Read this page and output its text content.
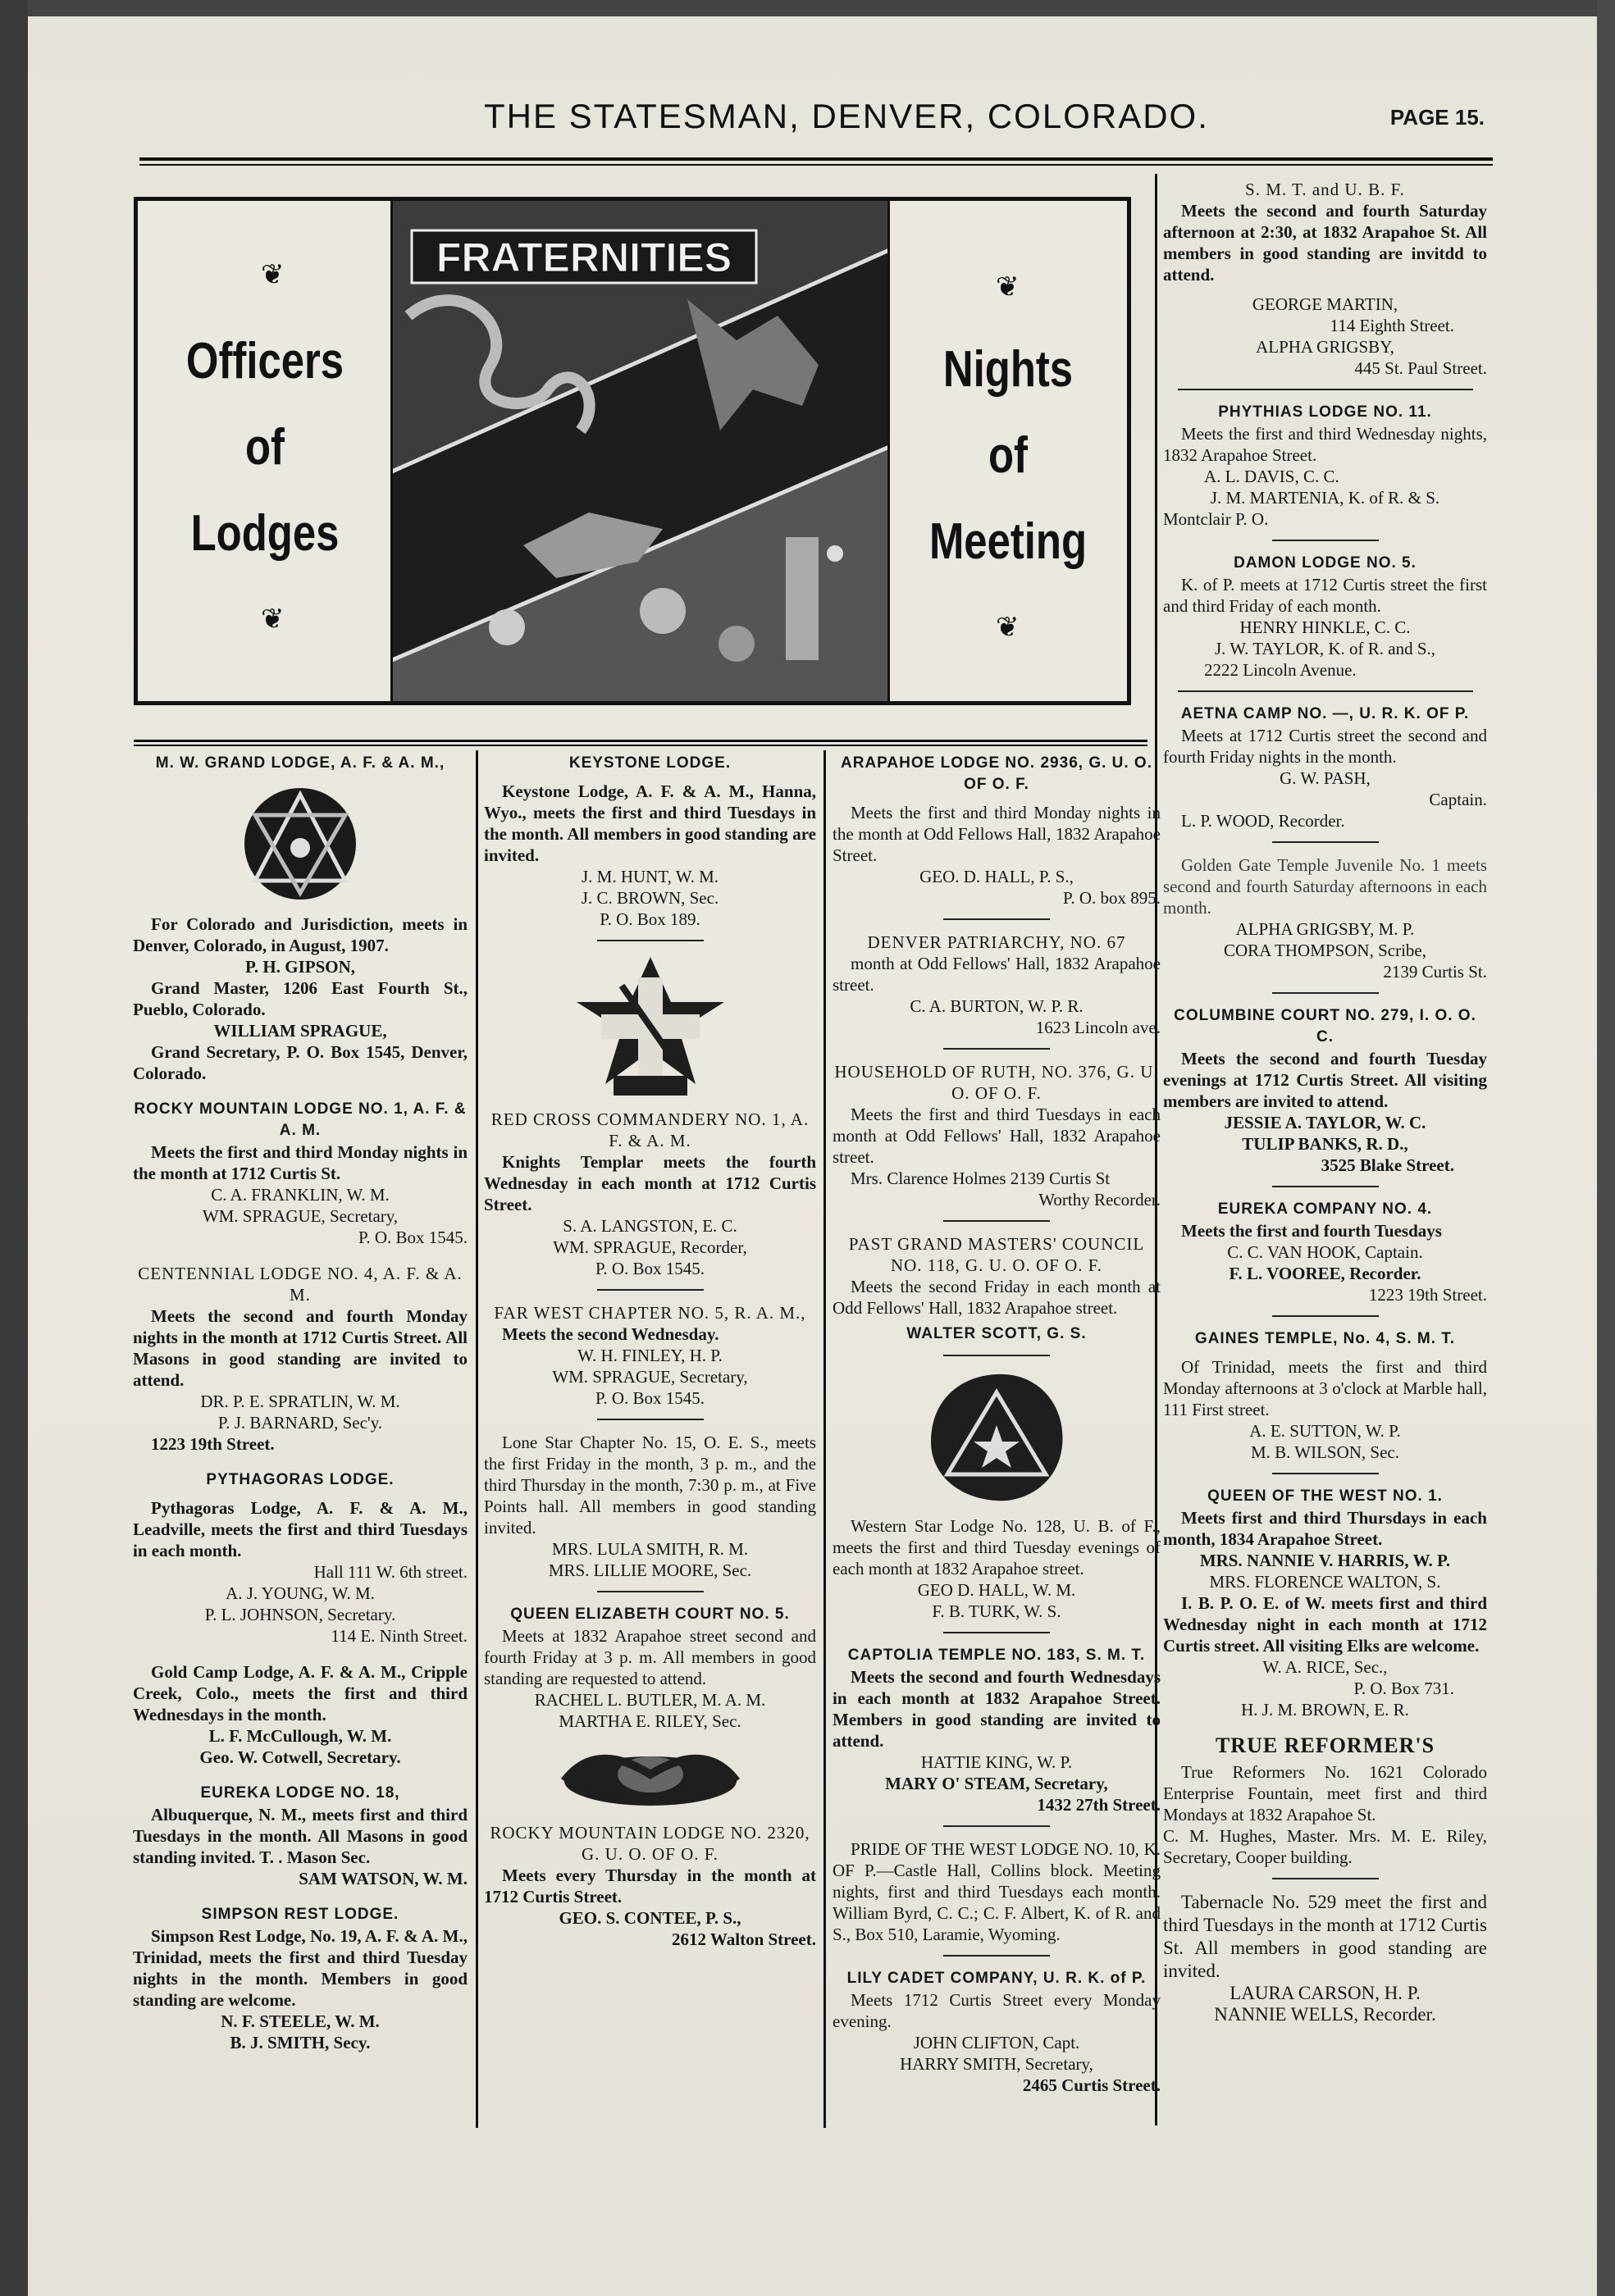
THE STATESMAN, DENVER, COLORADO.	PAGE 15.
❦
Officers
of
Lodges
❦
FRATERNITIES
❦
Nights
of
Meeting
❦

M. W. GRAND LODGE, A. F. & A. M.,

For Colorado and Jurisdiction, meets in Denver, Colorado, in August, 1907.

P. H. GIPSON,

Grand Master, 1206 East Fourth St., Pueblo, Colorado.

WILLIAM SPRAGUE,

Grand Secretary, P. O. Box 1545, Denver, Colorado.

ROCKY MOUNTAIN LODGE NO. 1, A. F. & A. M.

Meets the first and third Monday nights in the month at 1712 Curtis St.

C. A. FRANKLIN, W. M.

WM. SPRAGUE, Secretary,

P. O. Box 1545.

CENTENNIAL LODGE NO. 4, A. F. & A. M.

Meets the second and fourth Monday nights in the month at 1712 Curtis Street. All Masons in good standing are invited to attend.

DR. P. E. SPRATLIN, W. M.

P. J. BARNARD, Sec'y.

1223 19th Street.

PYTHAGORAS LODGE.

Pythagoras Lodge, A. F. & A. M., Leadville, meets the first and third Tuesdays in each month.

Hall 111 W. 6th street.

A. J. YOUNG, W. M.

P. L. JOHNSON, Secretary.

114 E. Ninth Street.

Gold Camp Lodge, A. F. & A. M., Cripple Creek, Colo., meets the first and third Wednesdays in the month.

L. F. McCullough, W. M.

Geo. W. Cotwell, Secretary.

EUREKA LODGE NO. 18,

Albuquerque, N. M., meets first and third Tuesdays in the month. All Masons in good standing invited. T. . Mason Sec.

SAM WATSON, W. M.

SIMPSON REST LODGE.

Simpson Rest Lodge, No. 19, A. F. & A. M., Trinidad, meets the first and third Tuesday nights in the month. Members in good standing are welcome.

N. F. STEELE, W. M.

B. J. SMITH, Secy.

KEYSTONE LODGE.

Keystone Lodge, A. F. & A. M., Hanna, Wyo., meets the first and third Tuesdays in the month. All members in good standing are invited.

J. M. HUNT, W. M.

J. C. BROWN, Sec.

P. O. Box 189.

RED CROSS COMMANDERY NO. 1, A. F. & A. M.

Knights Templar meets the fourth Wednesday in each month at 1712 Curtis Street.

S. A. LANGSTON, E. C.

WM. SPRAGUE, Recorder,

P. O. Box 1545.

FAR WEST CHAPTER NO. 5, R. A. M.,

Meets the second Wednesday.

W. H. FINLEY, H. P.

WM. SPRAGUE, Secretary,

P. O. Box 1545.

Lone Star Chapter No. 15, O. E. S., meets the first Friday in the month, 3 p. m., and the third Thursday in the month, 7:30 p. m., at Five Points hall. All members in good standing invited.

MRS. LULA SMITH, R. M.

MRS. LILLIE MOORE, Sec.

QUEEN ELIZABETH COURT NO. 5.

Meets at 1832 Arapahoe street second and fourth Friday at 3 p. m. All members in good standing are requested to attend.

RACHEL L. BUTLER, M. A. M.

MARTHA E. RILEY, Sec.

ROCKY MOUNTAIN LODGE NO. 2320, G. U. O. OF O. F.

Meets every Thursday in the month at 1712 Curtis Street.

GEO. S. CONTEE, P. S.,

2612 Walton Street.

ARAPAHOE LODGE NO. 2936, G. U. O. OF O. F.

Meets the first and third Monday nights in the month at Odd Fellows Hall, 1832 Arapahoe Street.

GEO. D. HALL, P. S.,

P. O. box 895.

DENVER PATRIARCHY, NO. 67

month at Odd Fellows' Hall, 1832 Arapahoe street.

C. A. BURTON, W. P. R.

1623 Lincoln ave.

HOUSEHOLD OF RUTH, NO. 376, G. U. O. OF O. F.

Meets the first and third Tuesdays in each month at Odd Fellows' Hall, 1832 Arapahoe street.

Mrs. Clarence Holmes 2139 Curtis St

Worthy Recorder.

PAST GRAND MASTERS' COUNCIL NO. 118, G. U. O. OF O. F.

Meets the second Friday in each month at Odd Fellows' Hall, 1832 Arapahoe street.

WALTER SCOTT, G. S.

Western Star Lodge No. 128, U. B. of F., meets the first and third Tuesday evenings of each month at 1832 Arapahoe street.

GEO D. HALL, W. M.

F. B. TURK, W. S.

CAPTOLIA TEMPLE NO. 183, S. M. T.

Meets the second and fourth Wednesdays in each month at 1832 Arapahoe Street. Members in good standing are invited to attend.

HATTIE KING, W. P.

MARY O' STEAM, Secretary,

1432 27th Street.

PRIDE OF THE WEST LODGE NO. 10, K. OF P.—Castle Hall, Collins block. Meeting nights, first and third Tuesdays each month. William Byrd, C. C.; C. F. Albert, K. of R. and S., Box 510, Laramie, Wyoming.

LILY CADET COMPANY, U. R. K. of P.

Meets 1712 Curtis Street every Monday evening.

JOHN CLIFTON, Capt.

HARRY SMITH, Secretary,

2465 Curtis Street.

S. M. T. and U. B. F.

Meets the second and fourth Saturday afternoon at 2:30, at 1832 Arapahoe St. All members in good standing are invitdd to attend.

GEORGE MARTIN,

114 Eighth Street.

ALPHA GRIGSBY,

445 St. Paul Street.

PHYTHIAS LODGE NO. 11.

Meets the first and third Wednesday nights, 1832 Arapahoe Street.

A. L. DAVIS, C. C.

J. M. MARTENIA, K. of R. & S.

Montclair P. O.

DAMON LODGE NO. 5.

K. of P. meets at 1712 Curtis street the first and third Friday of each month.

HENRY HINKLE, C. C.

J. W. TAYLOR, K. of R. and S.,

2222 Lincoln Avenue.

AETNA CAMP NO. —, U. R. K. OF P.

Meets at 1712 Curtis street the second and fourth Friday nights in the month.

G. W. PASH,

Captain.

L. P. WOOD, Recorder.

Golden Gate Temple Juvenile No. 1 meets second and fourth Saturday afternoons in each month.

ALPHA GRIGSBY, M. P.

CORA THOMPSON, Scribe,

2139 Curtis St.

COLUMBINE COURT NO. 279, I. O. O. C.

Meets the second and fourth Tuesday evenings at 1712 Curtis Street. All visiting members are invited to attend.

JESSIE A. TAYLOR, W. C.

TULIP BANKS, R. D.,

3525 Blake Street.

EUREKA COMPANY NO. 4.

Meets the first and fourth Tuesdays

C. C. VAN HOOK, Captain.

F. L. VOOREE, Recorder.

1223 19th Street.

GAINES TEMPLE, No. 4, S. M. T.

Of Trinidad, meets the first and third Monday afternoons at 3 o'clock at Marble hall, 111 First street.

A. E. SUTTON, W. P.

M. B. WILSON, Sec.

QUEEN OF THE WEST NO. 1.

Meets first and third Thursdays in each month, 1834 Arapahoe Street.

MRS. NANNIE V. HARRIS, W. P.

MRS. FLORENCE WALTON, S.

I. B. P. O. E. of W. meets first and third Wednesday night in each month at 1712 Curtis street. All visiting Elks are welcome.

W. A. RICE, Sec.,

P. O. Box 731.

H. J. M. BROWN, E. R.

TRUE REFORMER'S

True Reformers No. 1621 Colorado Enterprise Fountain, meet first and third Mondays at 1832 Arapahoe St.

C. M. Hughes, Master. Mrs. M. E. Riley, Secretary, Cooper building.

Tabernacle No. 529 meet the first and third Tuesdays in the month at 1712 Curtis St. All members in good standing are invited.

LAURA CARSON, H. P.

NANNIE WELLS, Recorder.
